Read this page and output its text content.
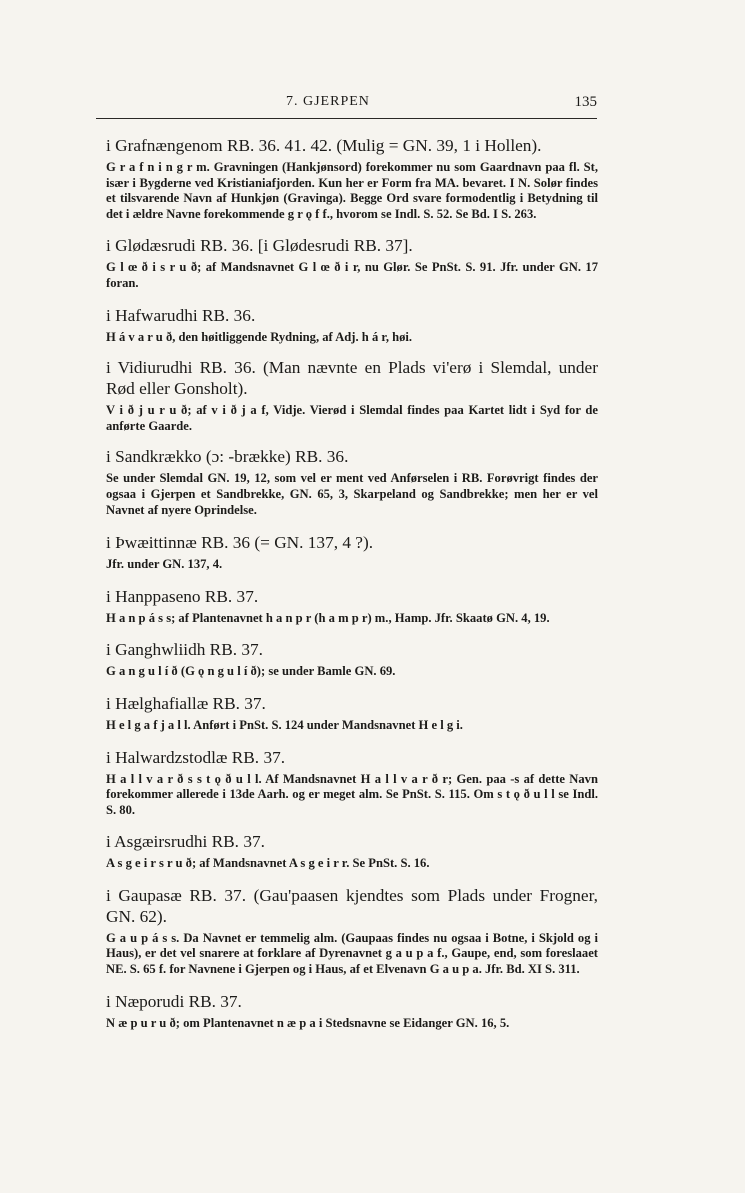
7. GJERPEN	135

i Grafnængenom RB. 36. 41. 42. (Mulig = GN. 39, 1 i Hollen).

G r a f n i n g r m. Gravningen (Hankjønsord) forekommer nu som Gaardnavn paa fl. St, især i Bygderne ved Kristianiafjorden. Kun her er Form fra MA. bevaret. I N. Solør findes et tilsvarende Navn af Hunkjøn (Gravinga). Begge Ord svare formodentlig i Betydning til det i ældre Navne forekommende g r ǫ f f., hvorom se Indl. S. 52. Se Bd. I S. 263.

i Glødæsrudi RB. 36. [i Glødesrudi RB. 37].

G l œ ð i s r u ð; af Mandsnavnet G l œ ð i r, nu Glør. Se PnSt. S. 91. Jfr. under GN. 17 foran.

i Hafwarudhi RB. 36.

H á v a r u ð, den høitliggende Rydning, af Adj. h á r, høi.

i Vidiurudhi RB. 36. (Man nævnte en Plads vi'erø i Slemdal, under Rød eller Gonsholt).

V i ð j u r u ð; af v i ð j a f, Vidje. Vierød i Slemdal findes paa Kartet lidt i Syd for de anførte Gaarde.

i Sandkrækko (ɔ: -brække) RB. 36.

Se under Slemdal GN. 19, 12, som vel er ment ved Anførselen i RB. Forøvrigt findes der ogsaa i Gjerpen et Sandbrekke, GN. 65, 3, Skarpeland og Sandbrekke; men her er vel Navnet af nyere Oprindelse.

i Þwæittinnæ RB. 36 (= GN. 137, 4 ?).

Jfr. under GN. 137, 4.

i Hanppaseno RB. 37.

H a n p á s s; af Plantenavnet h a n p r (h a m p r) m., Hamp. Jfr. Skaatø GN. 4, 19.

i Ganghwliidh RB. 37.

G a n g u l í ð (G ǫ n g u l í ð); se under Bamle GN. 69.

i Hælghafiallæ RB. 37.

H e l g a f j a l l. Anført i PnSt. S. 124 under Mandsnavnet H e l g i.

i Halwardzstodlæ RB. 37.

H a l l v a r ð s s t ǫ ð u l l. Af Mandsnavnet H a l l v a r ð r; Gen. paa -s af dette Navn forekommer allerede i 13de Aarh. og er meget alm. Se PnSt. S. 115. Om s t ǫ ð u l l se Indl. S. 80.

i Asgæirsrudhi RB. 37.

A s g e i r s r u ð; af Mandsnavnet A s g e i r r. Se PnSt. S. 16.

i Gaupasæ RB. 37. (Gau'paasen kjendtes som Plads under Frogner, GN. 62).

G a u p á s s. Da Navnet er temmelig alm. (Gaupaas findes nu ogsaa i Botne, i Skjold og i Haus), er det vel snarere at forklare af Dyrenavnet g a u p a f., Gaupe, end, som foreslaaet NE. S. 65 f. for Navnene i Gjerpen og i Haus, af et Elvenavn G a u p a. Jfr. Bd. XI S. 311.

i Næporudi RB. 37.

N æ p u r u ð; om Plantenavnet n æ p a i Stedsnavne se Eidanger GN. 16, 5.
